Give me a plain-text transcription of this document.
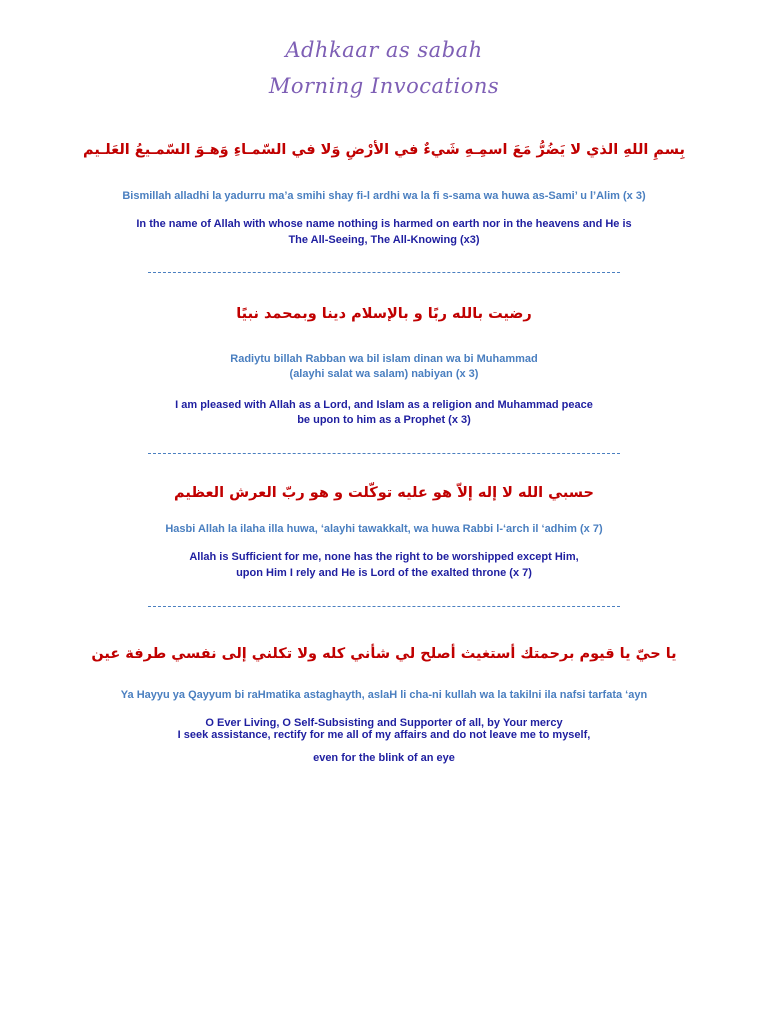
Adhkaar as sabah
Morning Invocations
بِسمِ اللهِ الذي لا يَضُرُّ مَعَ اسمِـهِ شَيءٌ في الأرْضِ وَلا في السّمـاءِ وَهـوَ السّمـيعُ العَلـيم
Bismillah alladhi la yadurru ma’a smihi shay fi-l ardhi wa la fi s-sama wa huwa as-Sami’ u l’Alim (x 3)
In the name of Allah with whose name nothing is harmed on earth nor in the heavens and He is
The All-Seeing, The All-Knowing (x3)
رضيت بالله ربًا و بالإسلام دينا وبمحمد نبيًا
Radiytu billah Rabban wa bil islam dinan wa bi Muhammad
(alayhi salat wa salam) nabiyan (x 3)
I am pleased with Allah as a Lord, and Islam as a religion and Muhammad peace
be upon to him as a Prophet (x 3)
حسبي الله لا إله إلاّ هو عليه توكّلت و هو ربّ العرش العظيم
Hasbi Allah la ilaha illa huwa, ‘alayhi tawakkalt, wa huwa Rabbi l-‘arch il ‘adhim (x 7)
Allah is Sufficient for me, none has the right to be worshipped except Him,
upon Him I rely and He is Lord of the exalted throne (x 7)
يا حيّ يا قيوم برحمتك أستغيث أصلح لي شأني كله ولا تكلني إلى نفسي طرفة عين
Ya Hayyu ya Qayyum bi raHmatika astaghayth, aslaH li cha-ni kullah wa la takilni ila nafsi tarfata ‘ayn
O Ever Living, O Self-Subsisting and Supporter of all, by Your mercy
I seek assistance, rectify for me all of my affairs and do not leave me to myself,
even for the blink of an eye
